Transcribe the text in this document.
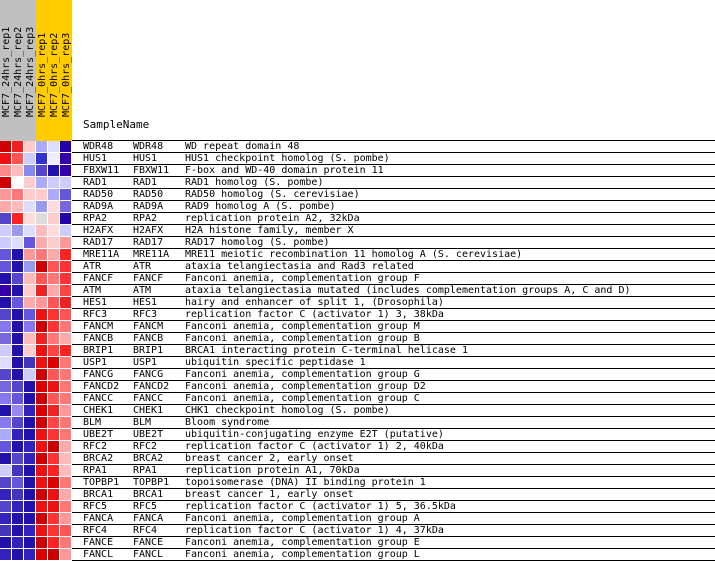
MCF7_24hrs_rep1 MCF7_24hrs_rep2 MCF7_24hrs_rep3 MCF7_0hrs_rep1 MCF7_0hrs_rep2 MCF7_0hrs_rep3
SampleName
WDR48 WDR48 WD repeat domain 48
HUS1	HUS1	HUS1 checkpoint homolog (S. pombe)
FBXW11 FBXW11 F-box and WD-40 domain protein 11
RAD1	RAD1	RAD1 homolog (S. pombe)
RAD50 RAD50 RAD50 homolog (S. cerevisiae)
RAD9A RAD9A RAD9 homolog A (S. pombe)
RPA2	RPA2	replication protein A2, 32kDa
H2AFX H2AFX H2A histone family, member X
RAD17 RAD17 RAD17 homolog (S. pombe)
MRE11A MRE11A MRE11 meiotic recombination 11 homolog A (S. cerevisiae)
ATR	ATR	ataxia telangiectasia and Rad3 related
FANCF FANCF Fanconi anemia, complementation group F
ATM	ATM	ataxia telangiectasia mutated (includes complementation groups A, C and D)
HES1	HES1	hairy and enhancer of split 1, (Drosophila)
RFC3	RFC3	replication factor C (activator 1) 3, 38kDa
FANCM FANCM Fanconi anemia, complementation group M
FANCB FANCB Fanconi anemia, complementation group B
BRIP1 BRIP1 BRCA1 interacting protein C-terminal helicase 1
USP1	USP1	ubiquitin specific peptidase 1
FANCG FANCG Fanconi anemia, complementation group G
FANCD2 FANCD2 Fanconi anemia, complementation group D2
FANCC FANCC Fanconi anemia, complementation group C
CHEK1 CHEK1 CHK1 checkpoint homolog (S. pombe)
BLM	BLM	Bloom syndrome
UBE2T UBE2T ubiquitin-conjugating enzyme E2T (putative)
RFC2	RFC2	replication factor C (activator 1) 2, 40kDa
BRCA2 BRCA2 breast cancer 2, early onset
RPA1	RPA1	replication protein A1, 70kDa
TOPBP1 TOPBP1 topoisomerase (DNA) II binding protein 1
BRCA1 BRCA1 breast cancer 1, early onset
RFC5	RFC5	replication factor C (activator 1) 5, 36.5kDa
FANCA FANCA Fanconi anemia, complementation group A
RFC4	RFC4	replication factor C (activator 1) 4, 37kDa
FANCE FANCE Fanconi anemia, complementation group E
FANCL FANCL Fanconi anemia, complementation group L
